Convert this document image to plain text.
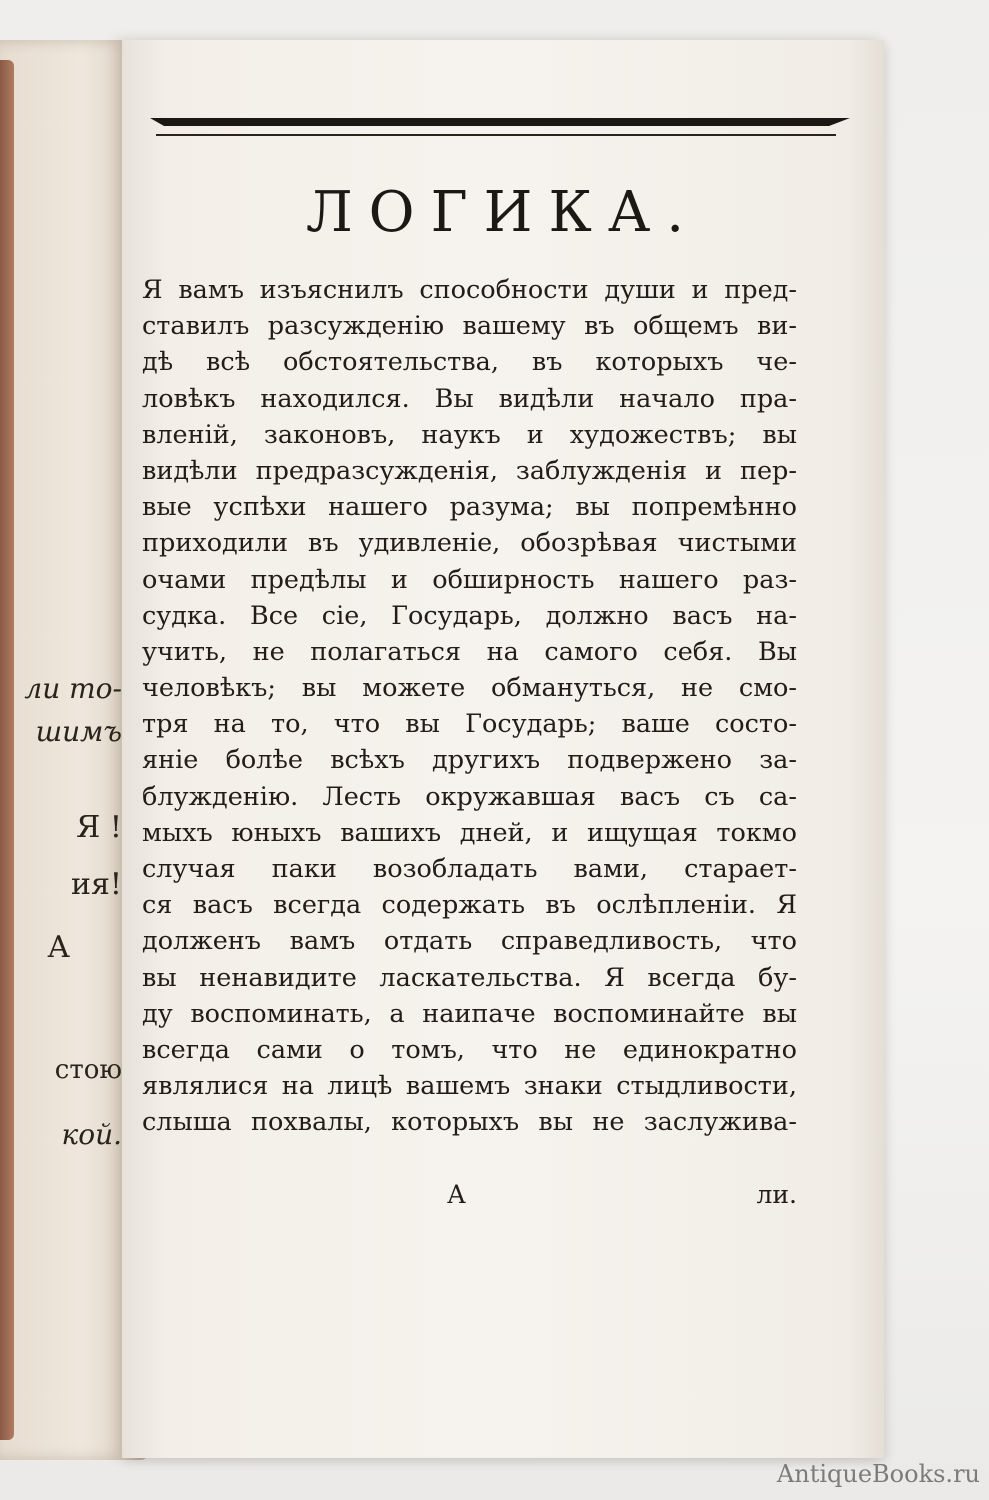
ли то-
шимъ
Я !
ия!
А
стою
кой.
ЛОГИКА.
Я вамъ изъяснилъ способности души и пред-
ставилъ разсужденію вашему въ общемъ ви-
дѣ всѣ обстоятельства, въ которыхъ че-
ловѣкъ находился. Вы видѣли начало пра-
вленій, законовъ, наукъ и художествъ; вы
видѣли предразсужденія, заблужденія и пер-
вые успѣхи нашего разума; вы попремѣнно
приходили въ удивленіе, обозрѣвая чистыми
очами предѣлы и обширность нашего раз-
судка. Все сіе, Государь, должно васъ на-
учить, не полагаться на самого себя. Вы
человѣкъ; вы можете обмануться, не смо-
тря на то, что вы Государь; ваше состо-
яніе болѣе всѣхъ другихъ подвержено за-
блужденію. Лесть окружавшая васъ съ са-
мыхъ юныхъ вашихъ дней, и ищущая токмо
случая паки возобладать вами, старает-
ся васъ всегда содержать въ ослѣпленіи. Я
долженъ вамъ отдать справедливость, что
вы ненавидите ласкательства. Я всегда бу-
ду воспоминать, а наипаче воспоминайте вы
всегда сами о томъ, что не единократно
являлися на лицѣ вашемъ знаки стыдливости,
слыша похвалы, которыхъ вы не заслужива-
А	ли.
AntiqueBooks.ru
